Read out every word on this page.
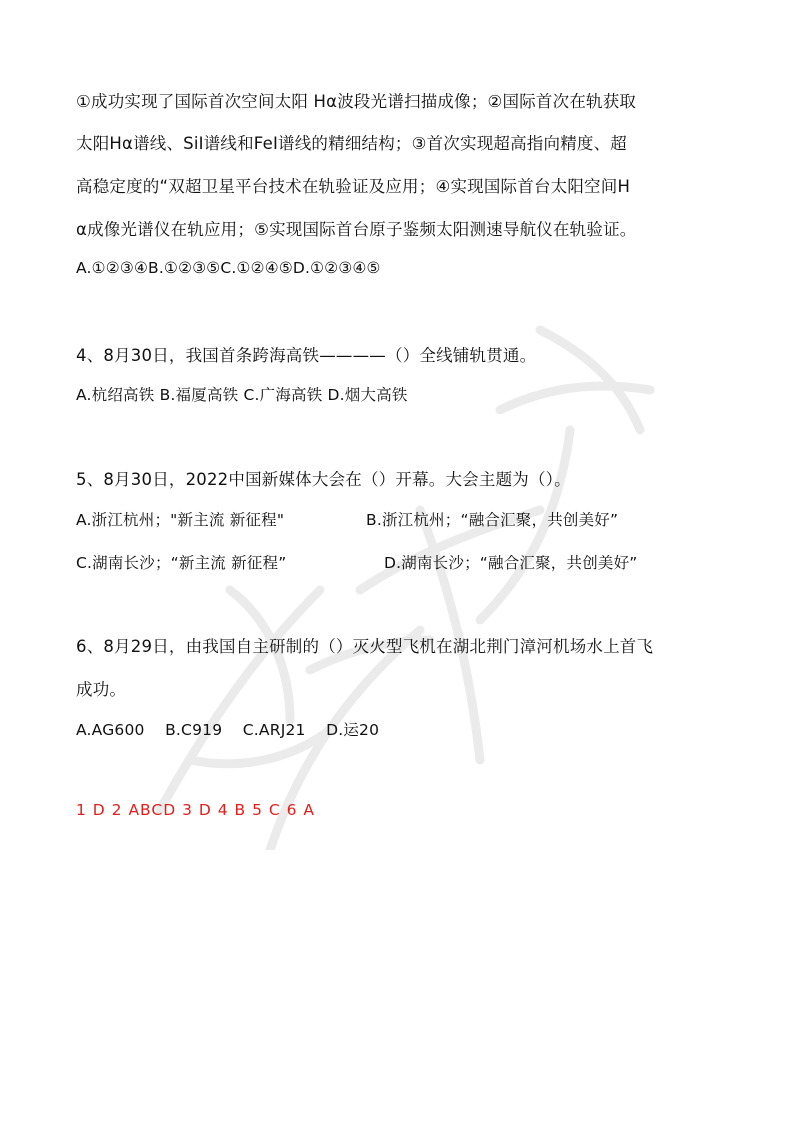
①成功实现了国际首次空间太阳 Hα波段光谱扫描成像；②国际首次在轨获取
太阳Hα谱线、SiⅠ谱线和FeⅠ谱线的精细结构；③首次实现超高指向精度、超
高稳定度的“双超卫星平台技术在轨验证及应用；④实现国际首台太阳空间H
α成像光谱仪在轨应用；⑤实现国际首台原子鉴频太阳测速导航仪在轨验证。
A.①②③④B.①②③⑤C.①②④⑤D.①②③④⑤
4、8月30日，我国首条跨海高铁————（）全线铺轨贯通。
A.杭绍高铁 B.福厦高铁 C.广海高铁 D.烟大高铁
5、8月30日，2022中国新媒体大会在（）开幕。大会主题为（）。
A.浙江杭州；"新主流 新征程"	B.浙江杭州；“融合汇聚，共创美好”
C.湖南长沙；“新主流 新征程”	D.湖南长沙；“融合汇聚，共创美好”
6、8月29日，由我国自主研制的（）灭火型飞机在湖北荆门漳河机场水上首飞
成功。
A.AG600    B.C919    C.ARJ21    D.运20
1 D 2 ABCD 3 D 4 B 5 C 6 A
